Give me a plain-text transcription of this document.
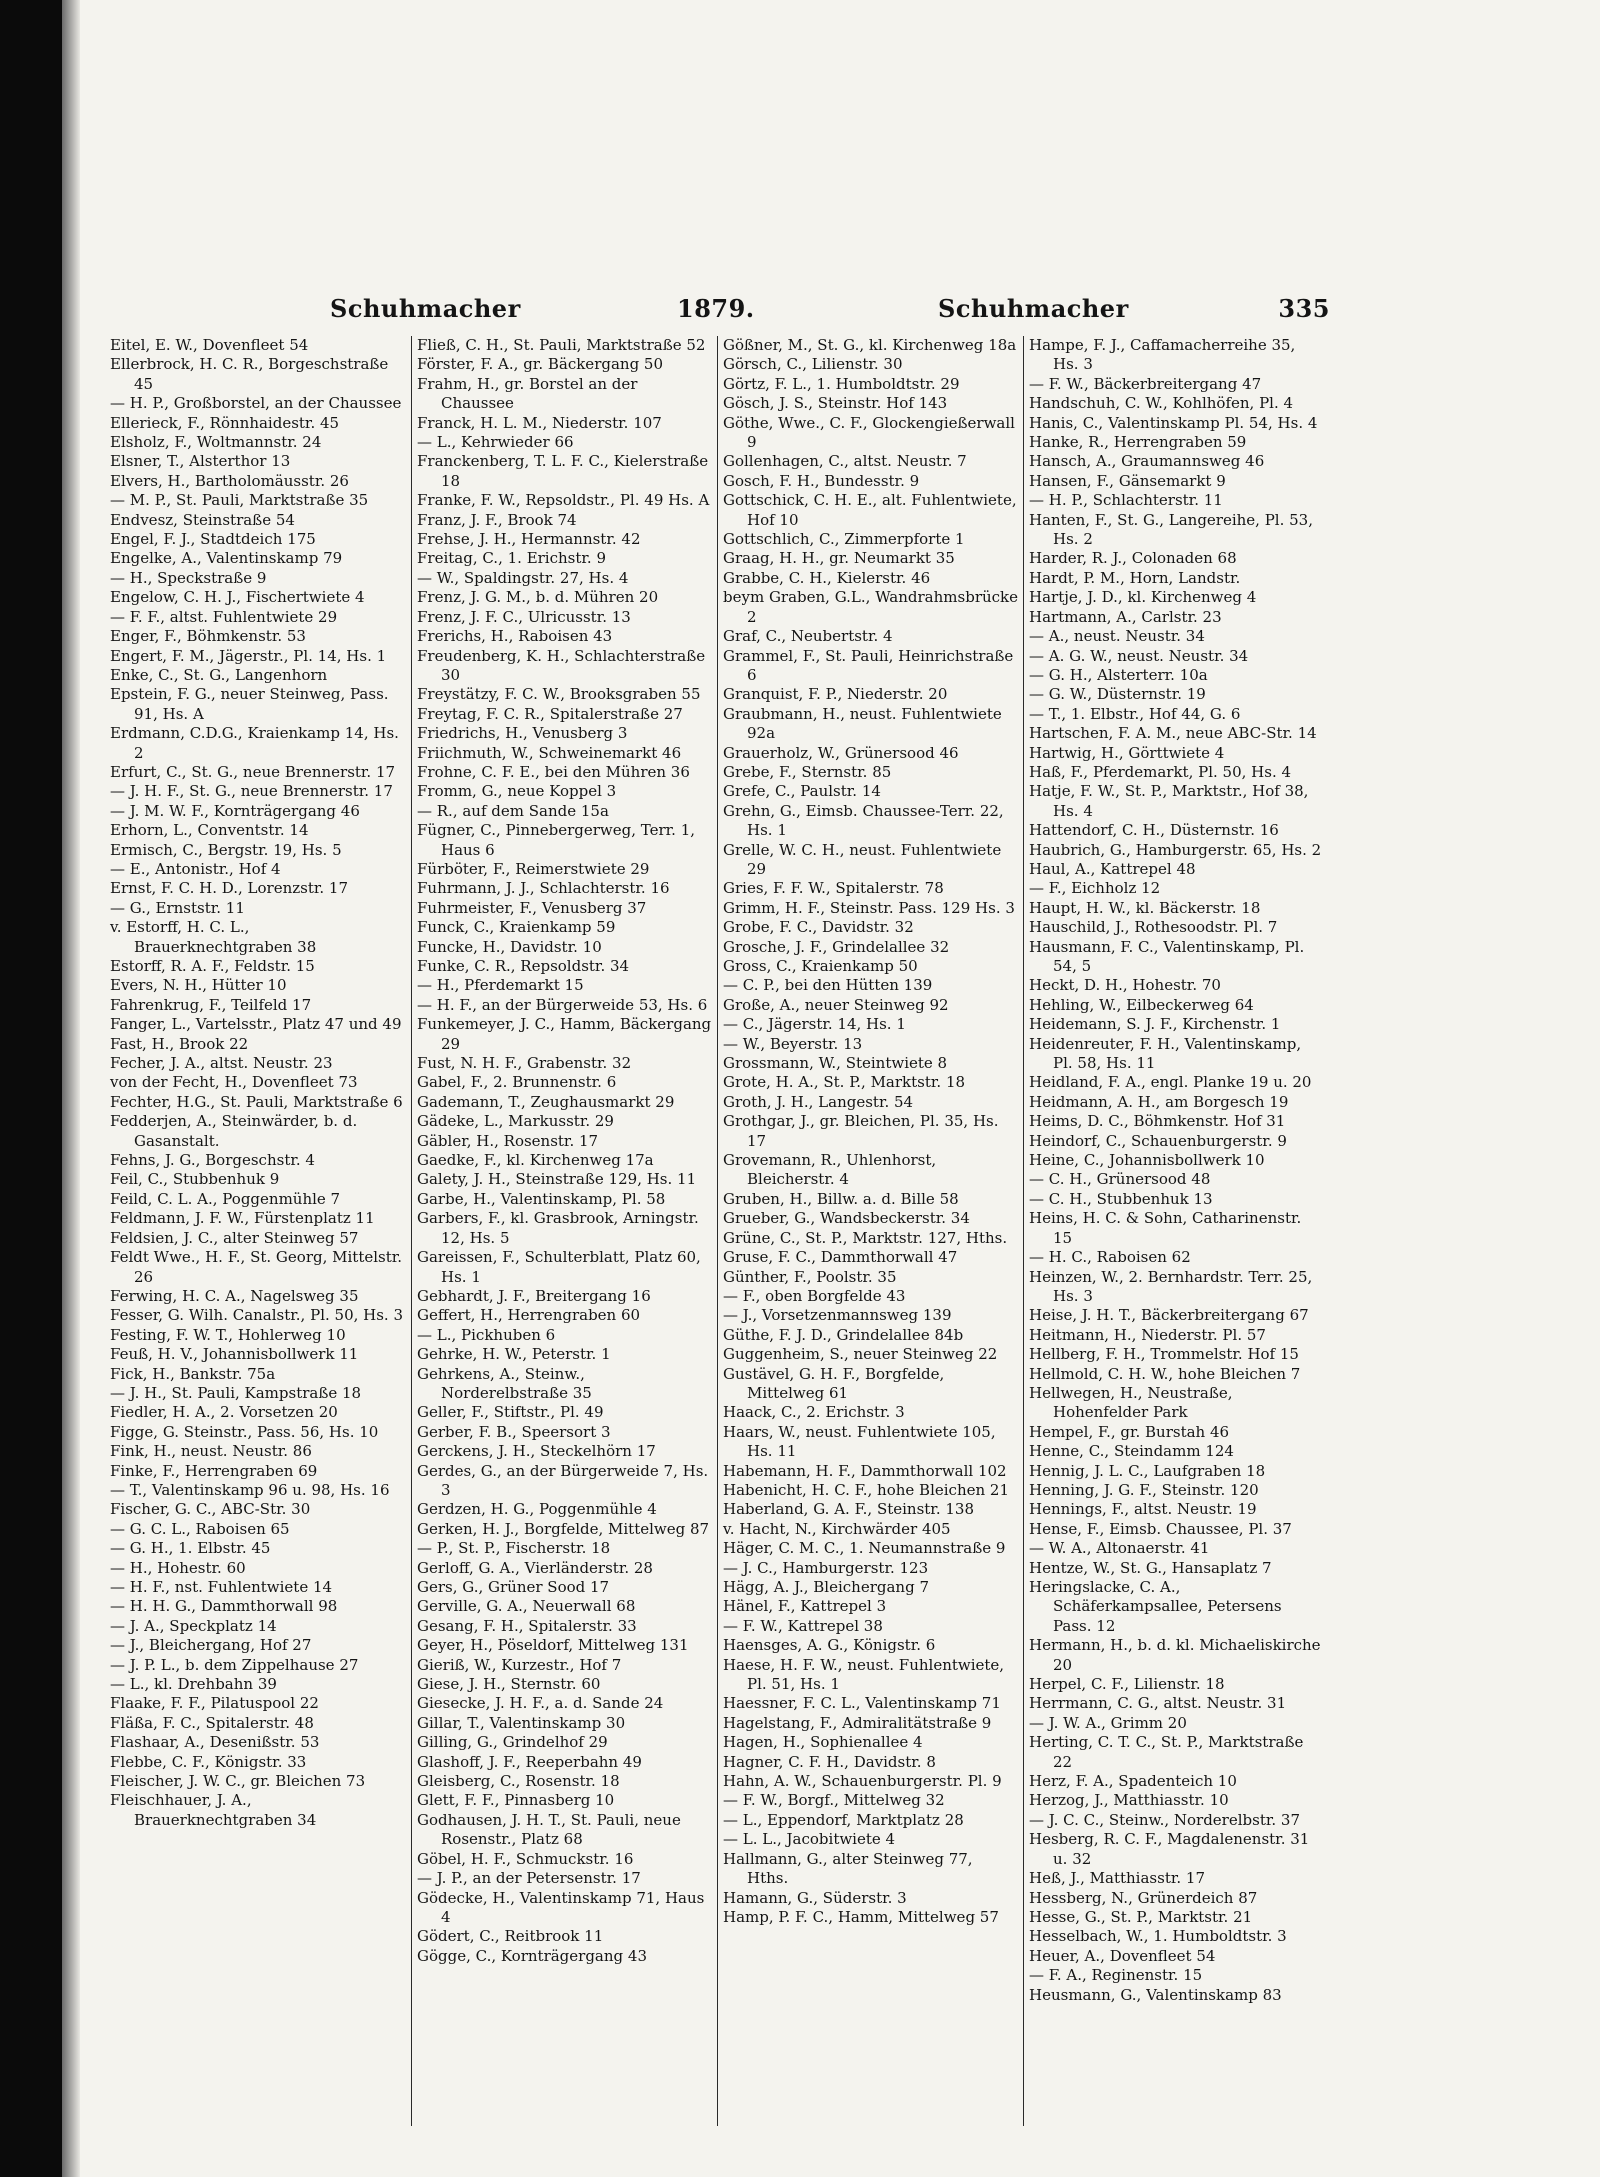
Schuhmacher	1879.	Schuhmacher	335
Eitel, E. W., Dovenfleet 54
Ellerbrock, H. C. R., Borgeschstraße 45
— H. P., Großborstel, an der Chaussee
Ellerieck, F., Rönnhaidestr. 45
Elsholz, F., Woltmannstr. 24
Elsner, T., Alsterthor 13
Elvers, H., Bartholomäusstr. 26
— M. P., St. Pauli, Marktstraße 35
Endvesz, Steinstraße 54
Engel, F. J., Stadtdeich 175
Engelke, A., Valentinskamp 79
— H., Speckstraße 9
Engelow, C. H. J., Fischertwiete 4
— F. F., altst. Fuhlentwiete 29
Enger, F., Böhmkenstr. 53
Engert, F. M., Jägerstr., Pl. 14, Hs. 1
Enke, C., St. G., Langenhorn
Epstein, F. G., neuer Steinweg, Pass. 91, Hs. A
Erdmann, C.D.G., Kraienkamp 14, Hs. 2
Erfurt, C., St. G., neue Brennerstr. 17
— J. H. F., St. G., neue Brennerstr. 17
— J. M. W. F., Kornträgergang 46
Erhorn, L., Conventstr. 14
Ermisch, C., Bergstr. 19, Hs. 5
— E., Antonistr., Hof 4
Ernst, F. C. H. D., Lorenzstr. 17
— G., Ernststr. 11
v. Estorff, H. C. L., Brauerknechtgraben 38
Estorff, R. A. F., Feldstr. 15
Evers, N. H., Hütter 10
Fahrenkrug, F., Teilfeld 17
Fanger, L., Vartelsstr., Platz 47 und 49
Fast, H., Brook 22
Fecher, J. A., altst. Neustr. 23
von der Fecht, H., Dovenfleet 73
Fechter, H.G., St. Pauli, Marktstraße 6
Fedderjen, A., Steinwärder, b. d. Gasanstalt.
Fehns, J. G., Borgeschstr. 4
Feil, C., Stubbenhuk 9
Feild, C. L. A., Poggenmühle 7
Feldmann, J. F. W., Fürstenplatz 11
Feldsien, J. C., alter Steinweg 57
Feldt Wwe., H. F., St. Georg, Mittelstr. 26
Ferwing, H. C. A., Nagelsweg 35
Fesser, G. Wilh. Canalstr., Pl. 50, Hs. 3
Festing, F. W. T., Hohlerweg 10
Feuß, H. V., Johannisbollwerk 11
Fick, H., Bankstr. 75a
— J. H., St. Pauli, Kampstraße 18
Fiedler, H. A., 2. Vorsetzen 20
Figge, G. Steinstr., Pass. 56, Hs. 10
Fink, H., neust. Neustr. 86
Finke, F., Herrengraben 69
— T., Valentinskamp 96 u. 98, Hs. 16
Fischer, G. C., ABC-Str. 30
— G. C. L., Raboisen 65
— G. H., 1. Elbstr. 45
— H., Hohestr. 60
— H. F., nst. Fuhlentwiete 14
— H. H. G., Dammthorwall 98
— J. A., Speckplatz 14
— J., Bleichergang, Hof 27
— J. P. L., b. dem Zippelhause 27
— L., kl. Drehbahn 39
Flaake, F. F., Pilatuspool 22
Fläßa, F. C., Spitalerstr. 48
Flashaar, A., Desenißstr. 53
Flebbe, C. F., Königstr. 33
Fleischer, J. W. C., gr. Bleichen 73
Fleischhauer, J. A., Brauerknechtgraben 34
Fließ, C. H., St. Pauli, Marktstraße 52
Förster, F. A., gr. Bäckergang 50
Frahm, H., gr. Borstel an der Chaussee
Franck, H. L. M., Niederstr. 107
— L., Kehrwieder 66
Franckenberg, T. L. F. C., Kielerstraße 18
Franke, F. W., Repsoldstr., Pl. 49 Hs. A
Franz, J. F., Brook 74
Frehse, J. H., Hermannstr. 42
Freitag, C., 1. Erichstr. 9
— W., Spaldingstr. 27, Hs. 4
Frenz, J. G. M., b. d. Mühren 20
Frenz, J. F. C., Ulricusstr. 13
Frerichs, H., Raboisen 43
Freudenberg, K. H., Schlachterstraße 30
Freystätzy, F. C. W., Brooksgraben 55
Freytag, F. C. R., Spitalerstraße 27
Friedrichs, H., Venusberg 3
Friichmuth, W., Schweinemarkt 46
Frohne, C. F. E., bei den Mühren 36
Fromm, G., neue Koppel 3
— R., auf dem Sande 15a
Fügner, C., Pinnebergerweg, Terr. 1, Haus 6
Fürböter, F., Reimerstwiete 29
Fuhrmann, J. J., Schlachterstr. 16
Fuhrmeister, F., Venusberg 37
Funck, C., Kraienkamp 59
Funcke, H., Davidstr. 10
Funke, C. R., Repsoldstr. 34
— H., Pferdemarkt 15
— H. F., an der Bürgerweide 53, Hs. 6
Funkemeyer, J. C., Hamm, Bäckergang 29
Fust, N. H. F., Grabenstr. 32
Gabel, F., 2. Brunnenstr. 6
Gademann, T., Zeughausmarkt 29
Gädeke, L., Markusstr. 29
Gäbler, H., Rosenstr. 17
Gaedke, F., kl. Kirchenweg 17a
Galety, J. H., Steinstraße 129, Hs. 11
Garbe, H., Valentinskamp, Pl. 58
Garbers, F., kl. Grasbrook, Arningstr. 12, Hs. 5
Gareissen, F., Schulterblatt, Platz 60, Hs. 1
Gebhardt, J. F., Breitergang 16
Geffert, H., Herrengraben 60
— L., Pickhuben 6
Gehrke, H. W., Peterstr. 1
Gehrkens, A., Steinw., Norderelbstraße 35
Geller, F., Stiftstr., Pl. 49
Gerber, F. B., Speersort 3
Gerckens, J. H., Steckelhörn 17
Gerdes, G., an der Bürgerweide 7, Hs. 3
Gerdzen, H. G., Poggenmühle 4
Gerken, H. J., Borgfelde, Mittelweg 87
— P., St. P., Fischerstr. 18
Gerloff, G. A., Vierländerstr. 28
Gers, G., Grüner Sood 17
Gerville, G. A., Neuerwall 68
Gesang, F. H., Spitalerstr. 33
Geyer, H., Pöseldorf, Mittelweg 131
Gieriß, W., Kurzestr., Hof 7
Giese, J. H., Sternstr. 60
Giesecke, J. H. F., a. d. Sande 24
Gillar, T., Valentinskamp 30
Gilling, G., Grindelhof 29
Glashoff, J. F., Reeperbahn 49
Gleisberg, C., Rosenstr. 18
Glett, F. F., Pinnasberg 10
Godhausen, J. H. T., St. Pauli, neue Rosenstr., Platz 68
Göbel, H. F., Schmuckstr. 16
— J. P., an der Petersenstr. 17
Gödecke, H., Valentinskamp 71, Haus 4
Gödert, C., Reitbrook 11
Gögge, C., Kornträgergang 43
Gößner, M., St. G., kl. Kirchenweg 18a
Görsch, C., Lilienstr. 30
Görtz, F. L., 1. Humboldtstr. 29
Gösch, J. S., Steinstr. Hof 143
Göthe, Wwe., C. F., Glockengießerwall 9
Gollenhagen, C., altst. Neustr. 7
Gosch, F. H., Bundesstr. 9
Gottschick, C. H. E., alt. Fuhlentwiete, Hof 10
Gottschlich, C., Zimmerpforte 1
Graag, H. H., gr. Neumarkt 35
Grabbe, C. H., Kielerstr. 46
beym Graben, G.L., Wandrahmsbrücke 2
Graf, C., Neubertstr. 4
Grammel, F., St. Pauli, Heinrichstraße 6
Granquist, F. P., Niederstr. 20
Graubmann, H., neust. Fuhlentwiete 92a
Grauerholz, W., Grünersood 46
Grebe, F., Sternstr. 85
Grefe, C., Paulstr. 14
Grehn, G., Eimsb. Chaussee-Terr. 22, Hs. 1
Grelle, W. C. H., neust. Fuhlentwiete 29
Gries, F. F. W., Spitalerstr. 78
Grimm, H. F., Steinstr. Pass. 129 Hs. 3
Grobe, F. C., Davidstr. 32
Grosche, J. F., Grindelallee 32
Gross, C., Kraienkamp 50
— C. P., bei den Hütten 139
Große, A., neuer Steinweg 92
— C., Jägerstr. 14, Hs. 1
— W., Beyerstr. 13
Grossmann, W., Steintwiete 8
Grote, H. A., St. P., Marktstr. 18
Groth, J. H., Langestr. 54
Grothgar, J., gr. Bleichen, Pl. 35, Hs. 17
Grovemann, R., Uhlenhorst, Bleicherstr. 4
Gruben, H., Billw. a. d. Bille 58
Grueber, G., Wandsbeckerstr. 34
Grüne, C., St. P., Marktstr. 127, Hths.
Gruse, F. C., Dammthorwall 47
Günther, F., Poolstr. 35
— F., oben Borgfelde 43
— J., Vorsetzenmannsweg 139
Güthe, F. J. D., Grindelallee 84b
Guggenheim, S., neuer Steinweg 22
Gustävel, G. H. F., Borgfelde, Mittelweg 61
Haack, C., 2. Erichstr. 3
Haars, W., neust. Fuhlentwiete 105, Hs. 11
Habemann, H. F., Dammthorwall 102
Habenicht, H. C. F., hohe Bleichen 21
Haberland, G. A. F., Steinstr. 138
v. Hacht, N., Kirchwärder 405
Häger, C. M. C., 1. Neumannstraße 9
— J. C., Hamburgerstr. 123
Hägg, A. J., Bleichergang 7
Hänel, F., Kattrepel 3
— F. W., Kattrepel 38
Haensges, A. G., Königstr. 6
Haese, H. F. W., neust. Fuhlentwiete, Pl. 51, Hs. 1
Haessner, F. C. L., Valentinskamp 71
Hagelstang, F., Admiralitätstraße 9
Hagen, H., Sophienallee 4
Hagner, C. F. H., Davidstr. 8
Hahn, A. W., Schauenburgerstr. Pl. 9
— F. W., Borgf., Mittelweg 32
— L., Eppendorf, Marktplatz 28
— L. L., Jacobitwiete 4
Hallmann, G., alter Steinweg 77, Hths.
Hamann, G., Süderstr. 3
Hamp, P. F. C., Hamm, Mittelweg 57
Hampe, F. J., Caffamacherreihe 35, Hs. 3
— F. W., Bäckerbreitergang 47
Handschuh, C. W., Kohlhöfen, Pl. 4
Hanis, C., Valentinskamp Pl. 54, Hs. 4
Hanke, R., Herrengraben 59
Hansch, A., Graumannsweg 46
Hansen, F., Gänsemarkt 9
— H. P., Schlachterstr. 11
Hanten, F., St. G., Langereihe, Pl. 53, Hs. 2
Harder, R. J., Colonaden 68
Hardt, P. M., Horn, Landstr.
Hartje, J. D., kl. Kirchenweg 4
Hartmann, A., Carlstr. 23
— A., neust. Neustr. 34
— A. G. W., neust. Neustr. 34
— G. H., Alsterterr. 10a
— G. W., Düsternstr. 19
— T., 1. Elbstr., Hof 44, G. 6
Hartschen, F. A. M., neue ABC-Str. 14
Hartwig, H., Görttwiete 4
Haß, F., Pferdemarkt, Pl. 50, Hs. 4
Hatje, F. W., St. P., Marktstr., Hof 38, Hs. 4
Hattendorf, C. H., Düsternstr. 16
Haubrich, G., Hamburgerstr. 65, Hs. 2
Haul, A., Kattrepel 48
— F., Eichholz 12
Haupt, H. W., kl. Bäckerstr. 18
Hauschild, J., Rothesoodstr. Pl. 7
Hausmann, F. C., Valentinskamp, Pl. 54, 5
Heckt, D. H., Hohestr. 70
Hehling, W., Eilbeckerweg 64
Heidemann, S. J. F., Kirchenstr. 1
Heidenreuter, F. H., Valentinskamp, Pl. 58, Hs. 11
Heidland, F. A., engl. Planke 19 u. 20
Heidmann, A. H., am Borgesch 19
Heims, D. C., Böhmkenstr. Hof 31
Heindorf, C., Schauenburgerstr. 9
Heine, C., Johannisbollwerk 10
— C. H., Grünersood 48
— C. H., Stubbenhuk 13
Heins, H. C. & Sohn, Catharinenstr. 15
— H. C., Raboisen 62
Heinzen, W., 2. Bernhardstr. Terr. 25, Hs. 3
Heise, J. H. T., Bäckerbreitergang 67
Heitmann, H., Niederstr. Pl. 57
Hellberg, F. H., Trommelstr. Hof 15
Hellmold, C. H. W., hohe Bleichen 7
Hellwegen, H., Neustraße, Hohenfelder Park
Hempel, F., gr. Burstah 46
Henne, C., Steindamm 124
Hennig, J. L. C., Laufgraben 18
Henning, J. G. F., Steinstr. 120
Hennings, F., altst. Neustr. 19
Hense, F., Eimsb. Chaussee, Pl. 37
— W. A., Altonaerstr. 41
Hentze, W., St. G., Hansaplatz 7
Heringslacke, C. A., Schäferkampsallee, Petersens Pass. 12
Hermann, H., b. d. kl. Michaeliskirche 20
Herpel, C. F., Lilienstr. 18
Herrmann, C. G., altst. Neustr. 31
— J. W. A., Grimm 20
Herting, C. T. C., St. P., Marktstraße 22
Herz, F. A., Spadenteich 10
Herzog, J., Matthiasstr. 10
— J. C. C., Steinw., Norderelbstr. 37
Hesberg, R. C. F., Magdalenenstr. 31 u. 32
Heß, J., Matthiasstr. 17
Hessberg, N., Grünerdeich 87
Hesse, G., St. P., Marktstr. 21
Hesselbach, W., 1. Humboldtstr. 3
Heuer, A., Dovenfleet 54
— F. A., Reginenstr. 15
Heusmann, G., Valentinskamp 83
